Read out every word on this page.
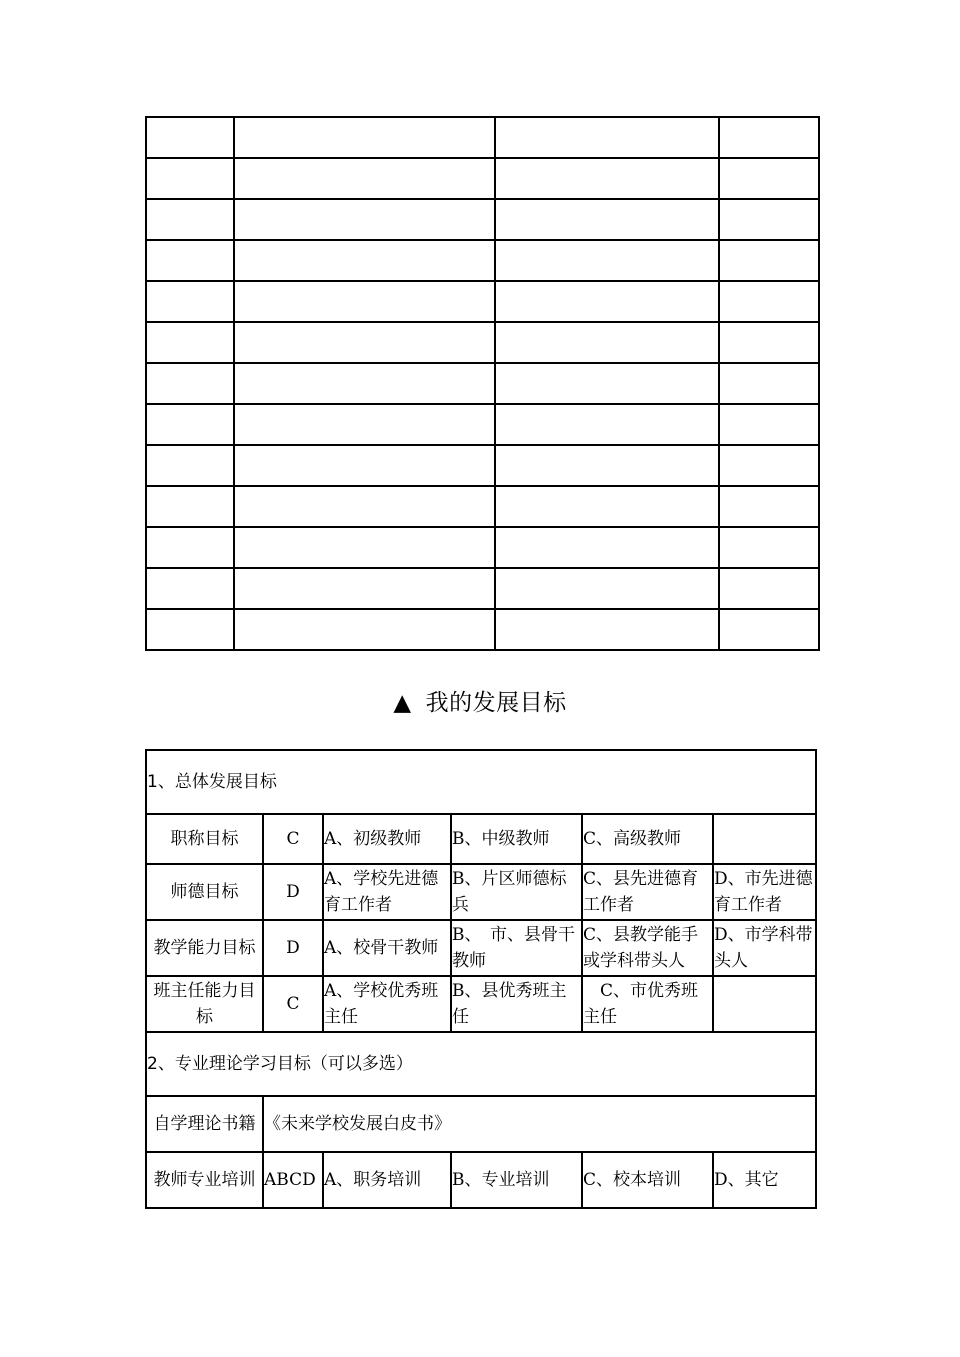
▲ 我的发展目标
1、总体发展目标					
职称目标	C	A、初级教师	B、中级教师	C、高级教师	
师德目标	D	A、学校先进德育工作者	B、片区师德标兵	C、县先进德育工作者	D、市先进德育工作者
教学能力目标	D	A、校骨干教师	B、　市、县骨干教师	C、县教学能手或学科带头人	D、市学科带头人
班主任能力目标	C	A、学校优秀班主任	B、县优秀班主任	　C、市优秀班主任	
2、专业理论学习目标（可以多选）					
自学理论书籍	《未来学校发展白皮书》				
教师专业培训	ABCD	A、职务培训	B、专业培训	C、校本培训	D、其它
